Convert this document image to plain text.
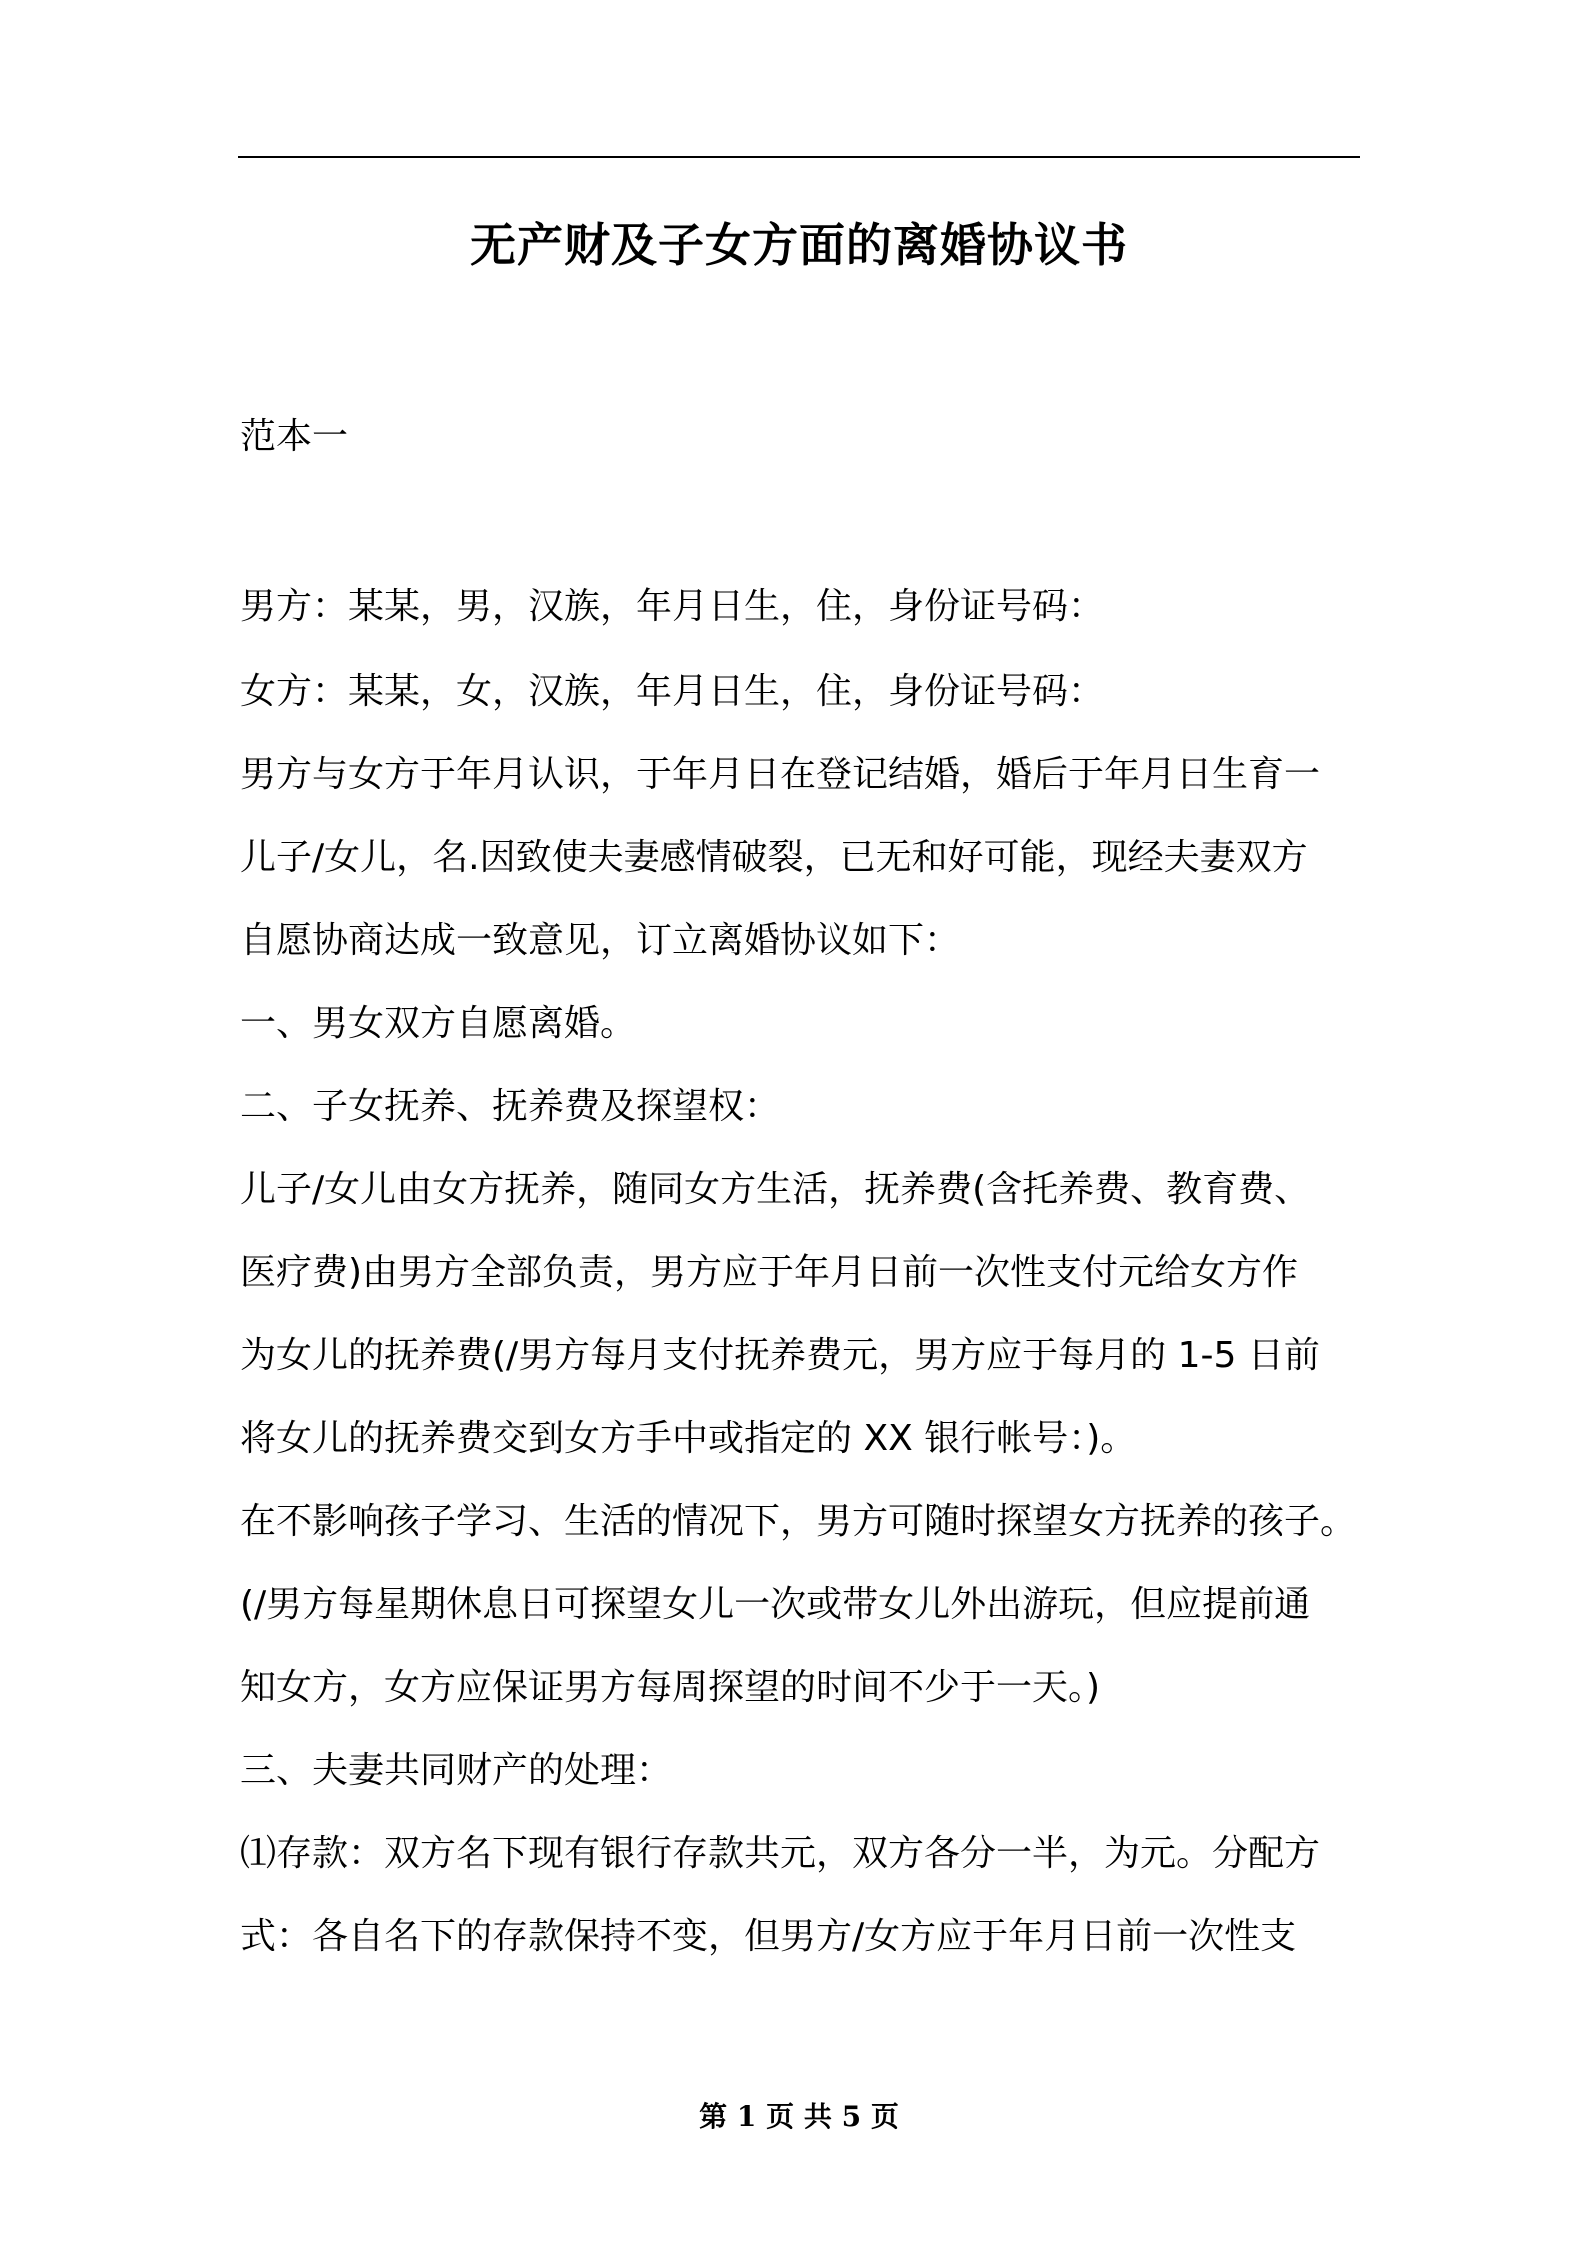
无产财及子女方面的离婚协议书
范本一
男方：某某，男，汉族，年月日生，住，身份证号码：
女方：某某，女，汉族，年月日生，住，身份证号码：
男方与女方于年月认识，于年月日在登记结婚，婚后于年月日生育一
儿子/女儿，名.因致使夫妻感情破裂，已无和好可能，现经夫妻双方
自愿协商达成一致意见，订立离婚协议如下：
一、男女双方自愿离婚。
二、子女抚养、抚养费及探望权：
儿子/女儿由女方抚养，随同女方生活，抚养费(含托养费、教育费、
医疗费)由男方全部负责，男方应于年月日前一次性支付元给女方作
为女儿的抚养费(/男方每月支付抚养费元，男方应于每月的 1-5 日前
将女儿的抚养费交到女方手中或指定的 XX 银行帐号：)。
在不影响孩子学习、生活的情况下，男方可随时探望女方抚养的孩子。
(/男方每星期休息日可探望女儿一次或带女儿外出游玩，但应提前通
知女方，女方应保证男方每周探望的时间不少于一天。)
三、夫妻共同财产的处理：
⑴存款：双方名下现有银行存款共元，双方各分一半，为元。分配方
式：各自名下的存款保持不变，但男方/女方应于年月日前一次性支
第 1 页 共 5 页
